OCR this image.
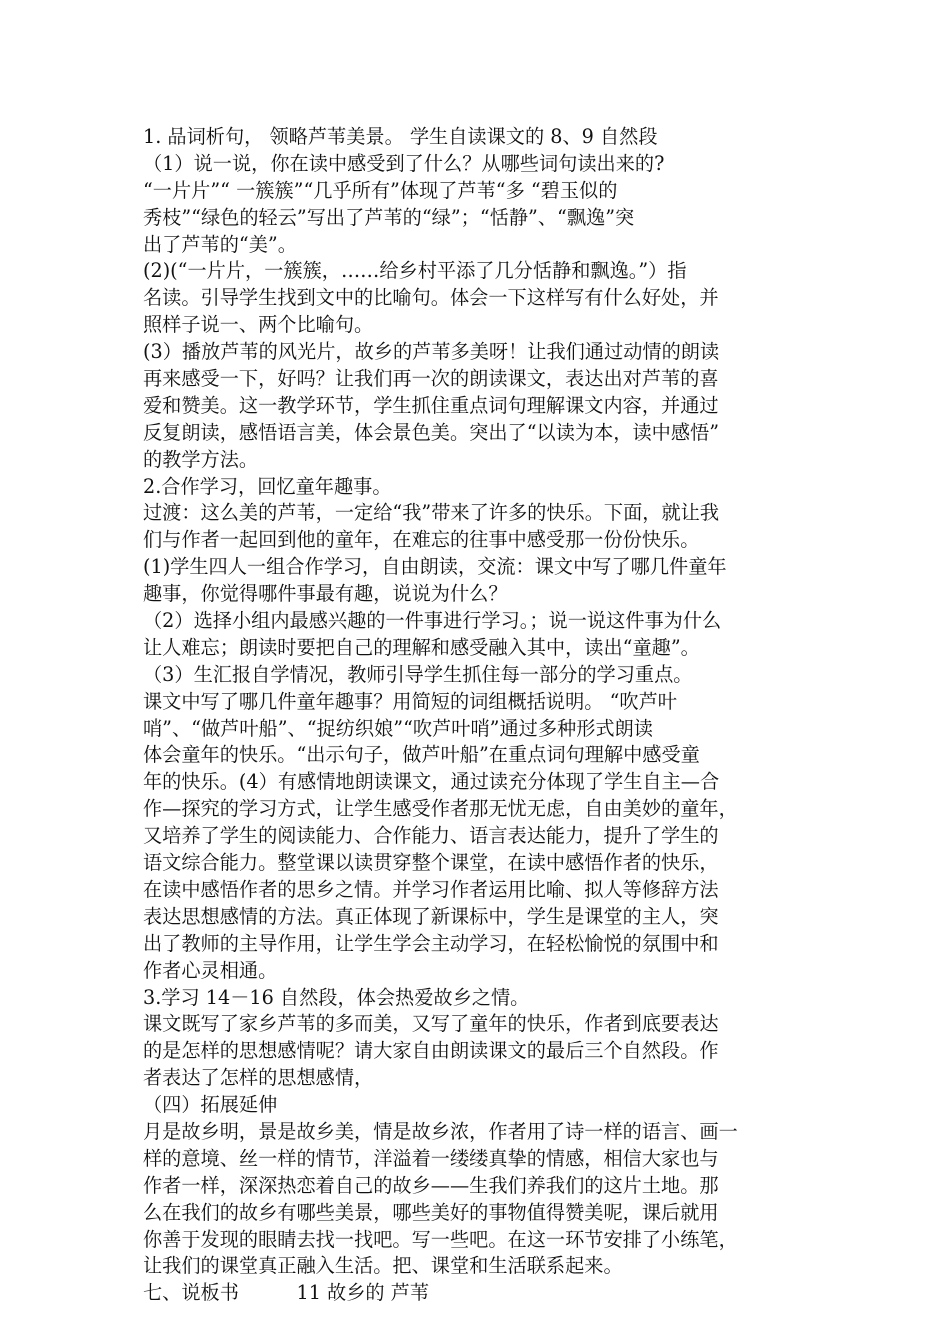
1. 品词析句， 领略芦苇美景。 学生自读课文的 8、9 自然段
（1）说一说，你在读中感受到了什么？从哪些词句读出来的?
“一片片”“ 一簇簇”“几乎所有”体现了芦苇“多 “碧玉似的
秀枝”“绿色的轻云”写出了芦苇的“绿”；“恬静”、“飘逸”突
出了芦苇的“美”。
(2)(“一片片，一簇簇，……给乡村平添了几分恬静和飘逸。”）指
名读。引导学生找到文中的比喻句。体会一下这样写有什么好处，并
照样子说一、两个比喻句。
(3）播放芦苇的风光片，故乡的芦苇多美呀！让我们通过动情的朗读
再来感受一下，好吗？让我们再一次的朗读课文，表达出对芦苇的喜
爱和赞美。这一教学环节，学生抓住重点词句理解课文内容，并通过
反复朗读，感悟语言美，体会景色美。突出了“以读为本，读中感悟”
的教学方法。
2.合作学习，回忆童年趣事。
过渡：这么美的芦苇，一定给“我”带来了许多的快乐。下面，就让我
们与作者一起回到他的童年，在难忘的往事中感受那一份份快乐。
(1)学生四人一组合作学习，自由朗读，交流：课文中写了哪几件童年
趣事，你觉得哪件事最有趣，说说为什么？
（2）选择小组内最感兴趣的一件事进行学习。；说一说这件事为什么
让人难忘；朗读时要把自己的理解和感受融入其中，读出“童趣”。
（3）生汇报自学情况，教师引导学生抓住每一部分的学习重点。
课文中写了哪几件童年趣事？用简短的词组概括说明。 “吹芦叶
哨”、“做芦叶船”、“捉纺织娘”“吹芦叶哨”通过多种形式朗读
体会童年的快乐。“出示句子，做芦叶船”在重点词句理解中感受童
年的快乐。(4）有感情地朗读课文，通过读充分体现了学生自主—合
作—探究的学习方式，让学生感受作者那无忧无虑，自由美妙的童年，
又培养了学生的阅读能力、合作能力、语言表达能力，提升了学生的
语文综合能力。整堂课以读贯穿整个课堂，在读中感悟作者的快乐，
在读中感悟作者的思乡之情。并学习作者运用比喻、拟人等修辞方法
表达思想感情的方法。真正体现了新课标中，学生是课堂的主人，突
出了教师的主导作用，让学生学会主动学习，在轻松愉悦的氛围中和
作者心灵相通。
3.学习 14－16 自然段，体会热爱故乡之情。
课文既写了家乡芦苇的多而美，又写了童年的快乐，作者到底要表达
的是怎样的思想感情呢？请大家自由朗读课文的最后三个自然段。作
者表达了怎样的思想感情，
（四）拓展延伸
月是故乡明，景是故乡美，情是故乡浓，作者用了诗一样的语言、画一
样的意境、丝一样的情节，洋溢着一缕缕真挚的情感，相信大家也与
作者一样，深深热恋着自己的故乡——生我们养我们的这片土地。那
么在我们的故乡有哪些美景，哪些美好的事物值得赞美呢，课后就用
你善于发现的眼睛去找一找吧。写一些吧。在这一环节安排了小练笔，
让我们的课堂真正融入生活。把、课堂和生活联系起来。
七、说板书　　　11 故乡的 芦苇
